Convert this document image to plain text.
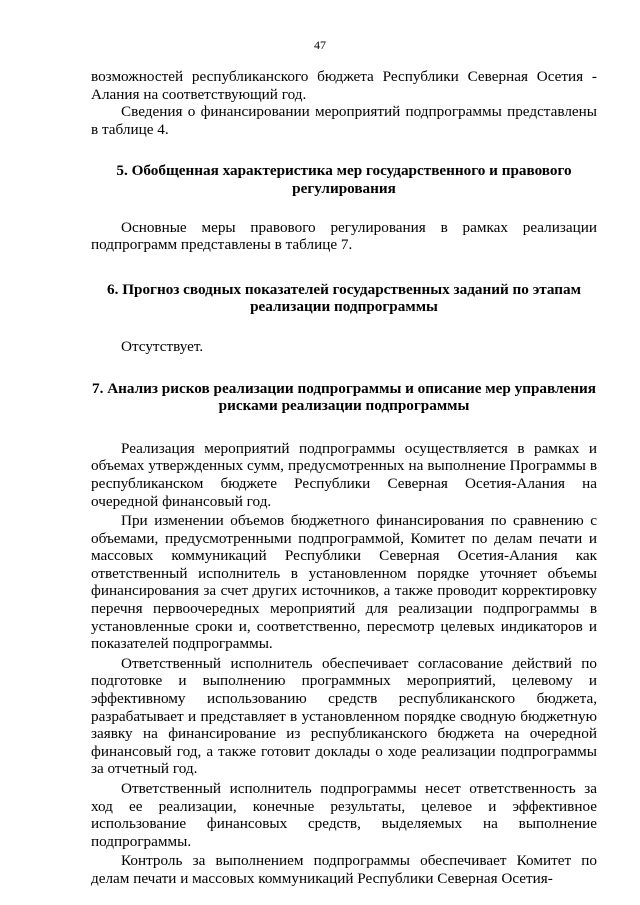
47

возможностей республиканского бюджета Республики Северная Осетия - Алания на соответствующий год.

Сведения о финансировании мероприятий подпрограммы представлены в таблице 4.

5. Обобщенная характеристика мер государственного и правового регулирования

Основные меры правового регулирования в рамках реализации подпрограмм представлены в таблице 7.

6. Прогноз сводных показателей государственных заданий по этапам реализации подпрограммы

Отсутствует.

7. Анализ рисков реализации подпрограммы и описание мер управления рисками реализации подпрограммы

Реализация мероприятий подпрограммы осуществляется в рамках и объемах утвержденных сумм, предусмотренных на выполнение Программы в республиканском бюджете Республики Северная Осетия-Алания на очередной финансовый год.

При изменении объемов бюджетного финансирования по сравнению с объемами, предусмотренными подпрограммой, Комитет по делам печати и массовых коммуникаций Республики Северная Осетия-Алания как ответственный исполнитель в установленном порядке уточняет объемы финансирования за счет других источников, а также проводит корректировку перечня первоочередных мероприятий для реализации подпрограммы в установленные сроки и, соответственно, пересмотр целевых индикаторов и показателей подпрограммы.

Ответственный исполнитель обеспечивает согласование действий по подготовке и выполнению программных мероприятий, целевому и эффективному использованию средств республиканского бюджета, разрабатывает и представляет в установленном порядке сводную бюджетную заявку на финансирование из республиканского бюджета на очередной финансовый год, а также готовит доклады о ходе реализации подпрограммы за отчетный год.

Ответственный исполнитель подпрограммы несет ответственность за ход ее реализации, конечные результаты, целевое и эффективное использование финансовых средств, выделяемых на выполнение подпрограммы.

Контроль за выполнением подпрограммы обеспечивает Комитет по делам печати и массовых коммуникаций Республики Северная Осетия-
